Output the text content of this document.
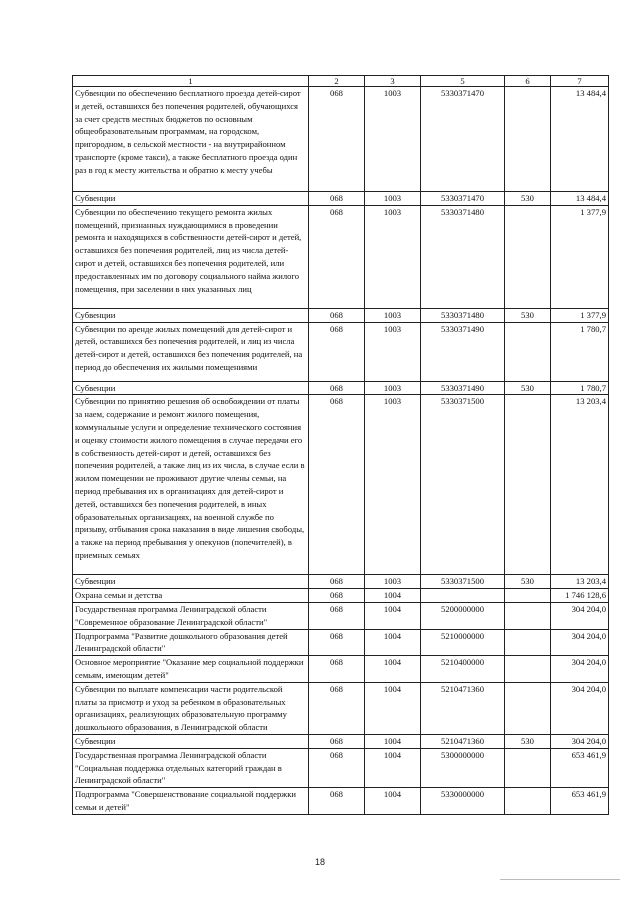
1	2	3	5	6	7
Субвенции по обеспечению бесплатного проезда детей-сирот и детей, оставшихся без попечения родителей, обучающихся за счет средств местных бюджетов по основным общеобразовательным программам, на городском, пригородном, в сельской местности - на внутрирайонном транспорте (кроме такси), а также бесплатного проезда один раз в год к месту жительства и обратно к месту учебы	068	1003	5330371470		13 484,4
Субвенции	068	1003	5330371470	530	13 484,4
Субвенции по обеспечению текущего ремонта жилых помещений, признанных нуждающимися в проведении ремонта и находящихся в собственности детей-сирот и детей, оставшихся без попечения родителей, лиц из числа детей-сирот и детей, оставшихся без попечения родителей, или предоставленных им по договору социального найма жилого помещения, при заселении в них указанных лиц	068	1003	5330371480		1 377,9
Субвенции	068	1003	5330371480	530	1 377,9
Субвенции по аренде жилых помещений для детей-сирот и детей, оставшихся без попечения родителей, и лиц из числа детей-сирот и детей, оставшихся без попечения родителей, на период до обеспечения их жилыми помещениями	068	1003	5330371490		1 780,7
Субвенции	068	1003	5330371490	530	1 780,7
Субвенции по принятию решения об освобождении от платы за наем, содержание и ремонт жилого помещения, коммунальные услуги и определение технического состояния и оценку стоимости жилого помещения в случае передачи его в собственность детей-сирот и детей, оставшихся без попечения родителей, а также лиц из их числа, в случае если в жилом помещении не проживают другие члены семьи, на период пребывания их в организациях для детей-сирот и детей, оставшихся без попечения родителей, в иных образовательных организациях, на военной службе по призыву, отбывания срока наказания в виде лишения свободы, а также на период пребывания у опекунов (попечителей), в приемных семьях	068	1003	5330371500		13 203,4
Субвенции	068	1003	5330371500	530	13 203,4
Охрана семьи и детства	068	1004			1 746 128,6
Государственная программа Ленинградской области "Современное образование Ленинградской области"	068	1004	5200000000		304 204,0
Подпрограмма "Развитие дошкольного образования детей Ленинградской области"	068	1004	5210000000		304 204,0
Основное мероприятие "Оказание мер социальной поддержки семьям, имеющим детей"	068	1004	5210400000		304 204,0
Субвенции по выплате компенсации части родительской платы за присмотр и уход за ребенком в образовательных организациях, реализующих образовательную программу дошкольного образования, в Ленинградской области	068	1004	5210471360		304 204,0
Субвенции	068	1004	5210471360	530	304 204,0
Государственная программа Ленинградской области "Социальная поддержка отдельных категорий граждан в Ленинградской области"	068	1004	5300000000		653 461,9
Подпрограмма "Совершенствование социальной поддержки семьи и детей"	068	1004	5330000000		653 461,9
18
